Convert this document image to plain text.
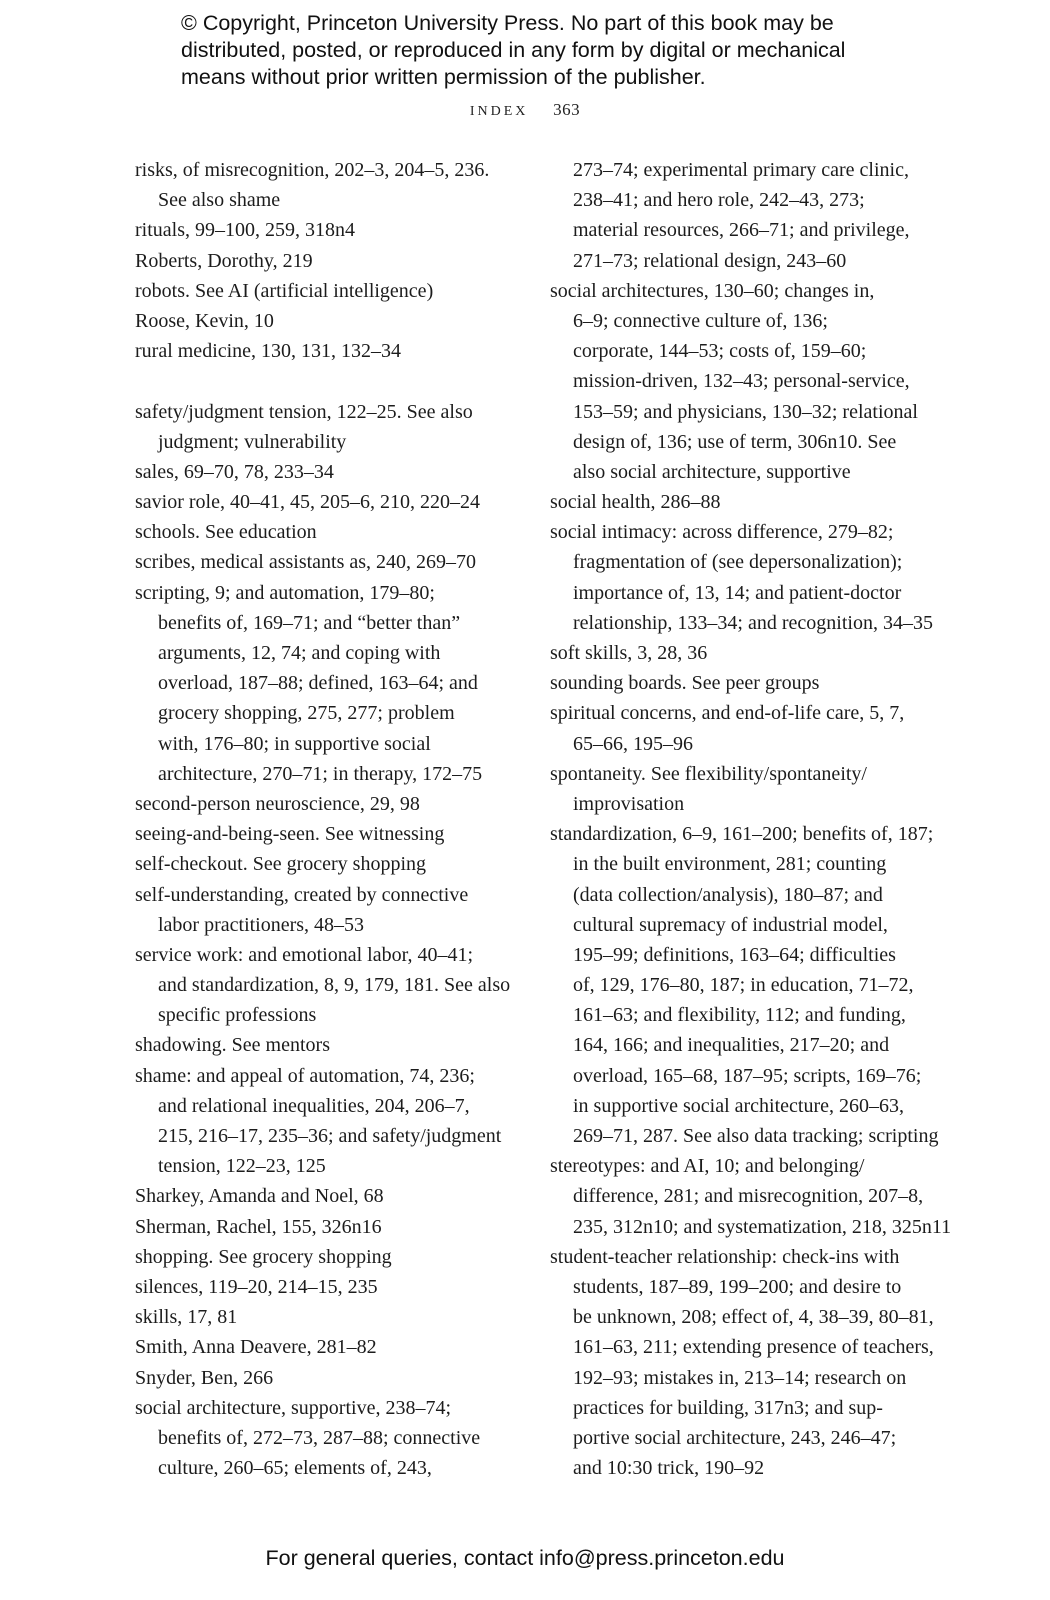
© Copyright, Princeton University Press. No part of this book may be
distributed, posted, or reproduced in any form by digital or mechanical
means without prior written permission of the publisher.
INDEX 363
risks, of misrecognition, 202–3, 204–5, 236.
See also shame
rituals, 99–100, 259, 318n4
Roberts, Dorothy, 219
robots. See AI (artificial intelligence)
Roose, Kevin, 10
rural medicine, 130, 131, 132–34
safety/judgment tension, 122–25. See also
judgment; vulnerability
sales, 69–70, 78, 233–34
savior role, 40–41, 45, 205–6, 210, 220–24
schools. See education
scribes, medical assistants as, 240, 269–70
scripting, 9; and automation, 179–80;
benefits of, 169–71; and “better than”
arguments, 12, 74; and coping with
overload, 187–88; defined, 163–64; and
grocery shopping, 275, 277; problem
with, 176–80; in supportive social
architecture, 270–71; in therapy, 172–75
second-person neuroscience, 29, 98
seeing-and-being-seen. See witnessing
self-checkout. See grocery shopping
self-understanding, created by connective
labor practitioners, 48–53
service work: and emotional labor, 40–41;
and standardization, 8, 9, 179, 181. See also
specific professions
shadowing. See mentors
shame: and appeal of automation, 74, 236;
and relational inequalities, 204, 206–7,
215, 216–17, 235–36; and safety/judgment
tension, 122–23, 125
Sharkey, Amanda and Noel, 68
Sherman, Rachel, 155, 326n16
shopping. See grocery shopping
silences, 119–20, 214–15, 235
skills, 17, 81
Smith, Anna Deavere, 281–82
Snyder, Ben, 266
social architecture, supportive, 238–74;
benefits of, 272–73, 287–88; connective
culture, 260–65; elements of, 243,
273–74; experimental primary care clinic,
238–41; and hero role, 242–43, 273;
material resources, 266–71; and privilege,
271–73; relational design, 243–60
social architectures, 130–60; changes in,
6–9; connective culture of, 136;
corporate, 144–53; costs of, 159–60;
mission-driven, 132–43; personal-service,
153–59; and physicians, 130–32; relational
design of, 136; use of term, 306n10. See
also social architecture, supportive
social health, 286–88
social intimacy: across difference, 279–82;
fragmentation of (see depersonalization);
importance of, 13, 14; and patient-doctor
relationship, 133–34; and recognition, 34–35
soft skills, 3, 28, 36
sounding boards. See peer groups
spiritual concerns, and end-of-life care, 5, 7,
65–66, 195–96
spontaneity. See flexibility/spontaneity/
improvisation
standardization, 6–9, 161–200; benefits of, 187;
in the built environment, 281; counting
(data collection/analysis), 180–87; and
cultural supremacy of industrial model,
195–99; definitions, 163–64; difficulties
of, 129, 176–80, 187; in education, 71–72,
161–63; and flexibility, 112; and funding,
164, 166; and inequalities, 217–20; and
overload, 165–68, 187–95; scripts, 169–76;
in supportive social architecture, 260–63,
269–71, 287. See also data tracking; scripting
stereotypes: and AI, 10; and belonging/
difference, 281; and misrecognition, 207–8,
235, 312n10; and systematization, 218, 325n11
student-teacher relationship: check-ins with
students, 187–89, 199–200; and desire to
be unknown, 208; effect of, 4, 38–39, 80–81,
161–63, 211; extending presence of teachers,
192–93; mistakes in, 213–14; research on
practices for building, 317n3; and sup-
portive social architecture, 243, 246–47;
and 10:30 trick, 190–92
For general queries, contact info@press.princeton.edu
